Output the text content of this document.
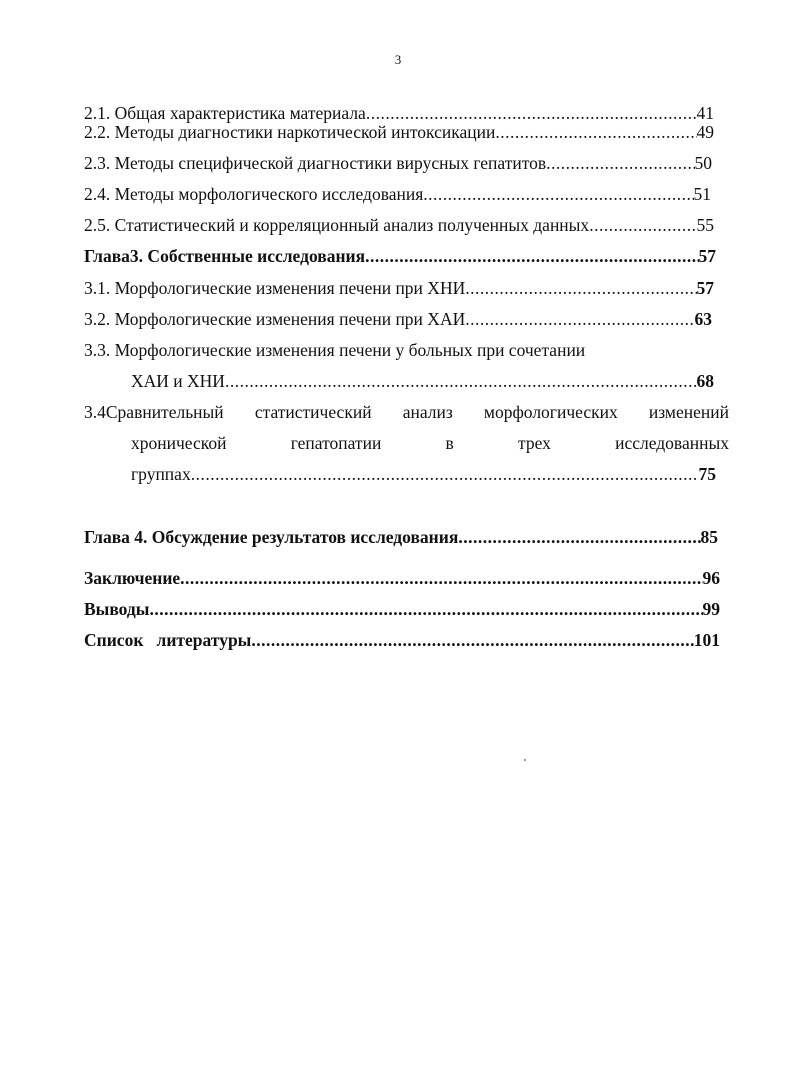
3
2.1. Общая характеристика материала .....	41
2.2. Методы диагностики наркотической интоксикации .....	49
2.3. Методы специфической диагностики вирусных гепатитов .....	50
2.4. Методы морфологического исследования .....	51
2.5. Статистический и корреляционный анализ полученных данных .....	55
Глава3. Собственные исследования .....	57
3.1. Морфологические изменения печени при ХНИ .....	57
3.2. Морфологические изменения печени при ХАИ .....	63
3.3. Морфологические изменения печени у больных при сочетании
ХАИ и ХНИ .....	68
3.4Сравнительный статистический анализ морфологических изменений
хронической	гепатопатии	в	трех	исследованных
группах .....	75
Глава 4. Обсуждение результатов исследования .....	85
Заключение .....	96
Выводы .....	99
Список   литературы .....	101
